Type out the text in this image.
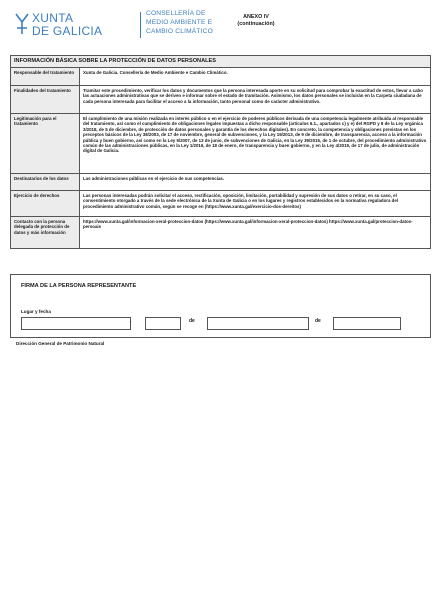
XUNTA
DE GALICIA
CONSELLERÍA DE
MEDIO AMBIENTE E
CAMBIO CLIMÁTICO
ANEXO IV
(continuación)
INFORMACIÓN BÁSICA SOBRE LA PROTECCIÓN DE DATOS PERSONALES
Responsable del tratamiento	Xunta de Galicia. Consellería de Medio Ambiente e Cambio Climático.
Finalidades del tratamiento	Tramitar este procedimiento, verificar los datos y documentos que la persona interesada aporte en su solicitud para comprobar la exactitud de estos, llevar a cabo las actuaciones administrativas que se deriven e informar sobre el estado de tramitación. Asimismo, los datos personales se incluirán en la Carpeta ciudadana de cada persona interesada para facilitar el acceso a la información, tanto personal como de carácter administrativo.
Legitimación para el tratamiento	El cumplimiento de una misión realizada en interés público o en el ejercicio de poderes públicos derivada de una competencia legalmente atribuida al responsable del tratamiento, así como el cumplimiento de obligaciones legales impuestas a dicho responsable (artículos 6.1., apartados c) y e) del RGPD y 8 de la Ley orgánica 3/2018, de 5 de diciembre, de protección de datos personales y garantía de los derechos digitales). En concreto, la competencia y obligaciones previstas en los preceptos básicos de la Ley 38/2003, de 17 de noviembre, general de subvenciones, y la Ley 19/2013, de 9 de diciembre, de transparencia, acceso a la información pública y buen gobierno, así como en la Ley 9/2007, de 13 de junio, de subvenciones de Galicia, en la Ley 39/2015, de 1 de octubre, del procedimiento administrativo común de las administraciones públicas, en la Ley 1/2016, de 18 de enero, de transparencia y buen gobierno, y en la Ley 4/2019, de 17 de julio, de administración digital de Galicia.
Destinatarios de los datos	Las administraciones públicas en el ejercicio de sus competencias.
Ejercicio de derechos	Las personas interesadas podrán solicitar el acceso, rectificación, oposición, limitación, portabilidad y supresión de sus datos o retirar, en su caso, el consentimiento otorgado a través de la sede electrónica de la Xunta de Galicia o en los lugares y registros establecidos en la normativa reguladora del procedimiento administrativo común, según se recoge en (https://www.xunta.gal/exercicio-dos-dereitos)
Contacto con la persona delegada de protección de datos y más información	https://www.xunta.gal/informacion-xeral-proteccion-datos (https://www.xunta.gal/informacion-xeral-proteccion-datos) https://www.xunta.gal/proteccion-datos-persoais
FIRMA DE LA PERSONA REPRESENTANTE
Lugar y fecha
,	de	de
Dirección General de Patrimonio Natural
